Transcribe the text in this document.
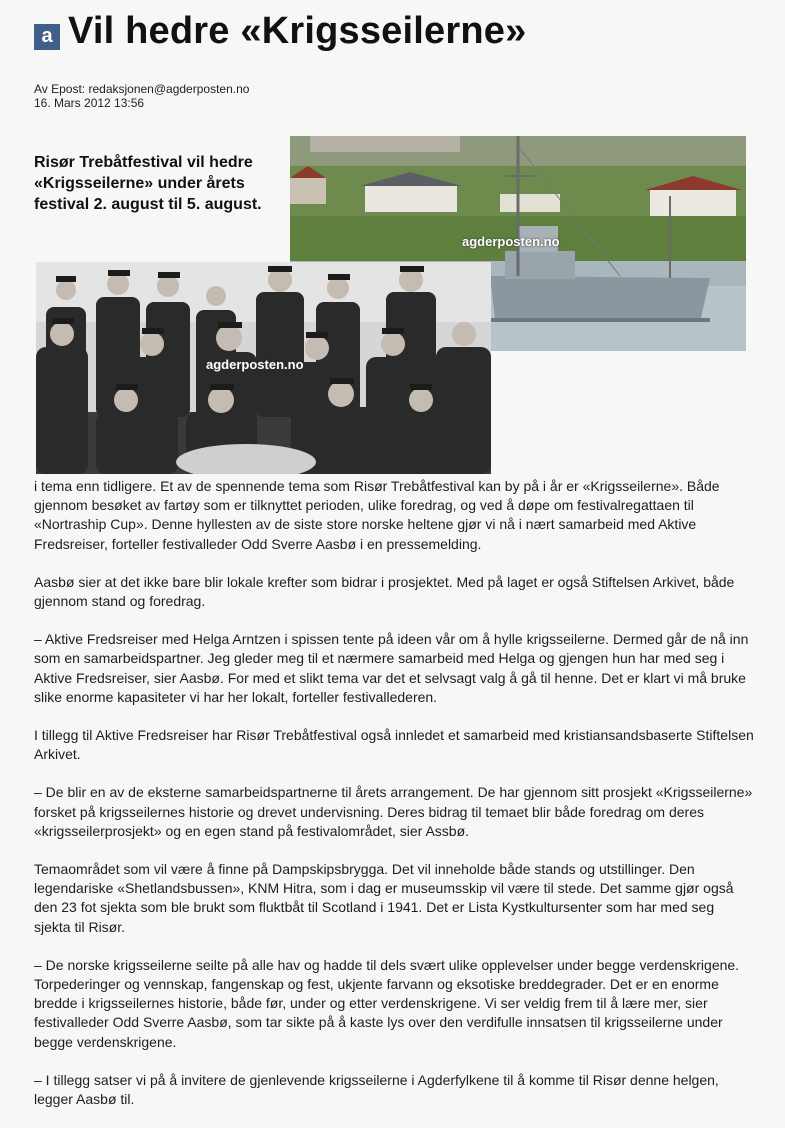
a Vil hedre «Krigsseilerne»
Av Epost: redaksjonen@agderposten.no
16. Mars 2012 13:56

Risør Trebåtfestival vil hedre «Krigsseilerne» under årets festival 2. august til 5. august.

agderposten.no
agderposten.no

i tema enn tidligere. Et av de spennende tema som Risør Trebåtfestival kan by på i år er «Krigsseilerne». Både gjennom besøket av fartøy som er tilknyttet perioden, ulike foredrag, og ved å døpe om festivalregattaen til «Nortraship Cup». Denne hyllesten av de siste store norske heltene gjør vi nå i nært samarbeid med Aktive Fredsreiser, forteller festivalleder Odd Sverre Aasbø i en pressemelding.

Aasbø sier at det ikke bare blir lokale krefter som bidrar i prosjektet. Med på laget er også Stiftelsen Arkivet, både gjennom stand og foredrag.

– Aktive Fredsreiser med Helga Arntzen i spissen tente på ideen vår om å hylle krigsseilerne. Dermed går de nå inn som en samarbeidspartner. Jeg gleder meg til et nærmere samarbeid med Helga og gjengen hun har med seg i Aktive Fredsreiser, sier Aasbø. For med et slikt tema var det et selvsagt valg å gå til henne. Det er klart vi må bruke slike enorme kapasiteter vi har her lokalt, forteller festivallederen.

I tillegg til Aktive Fredsreiser har Risør Trebåtfestival også innledet et samarbeid med kristiansandsbaserte Stiftelsen Arkivet.

– De blir en av de eksterne samarbeidspartnerne til årets arrangement. De har gjennom sitt prosjekt «Krigsseilerne» forsket på krigsseilernes historie og drevet undervisning. Deres bidrag til temaet blir både foredrag om deres «krigsseilerprosjekt» og en egen stand på festivalområdet, sier Assbø.

Temaområdet som vil være å finne på Dampskipsbrygga. Det vil inneholde både stands og utstillinger. Den legendariske «Shetlandsbussen», KNM Hitra, som i dag er museumsskip vil være til stede. Det samme gjør også den 23 fot sjekta som ble brukt som fluktbåt til Scotland i 1941. Det er Lista Kystkultursenter som har med seg sjekta til Risør.

– De norske krigsseilerne seilte på alle hav og hadde til dels svært ulike opplevelser under begge verdenskrigene. Torpederinger og vennskap, fangenskap og fest, ukjente farvann og eksotiske breddegrader. Det er en enorme bredde i krigsseilernes historie, både før, under og etter verdenskrigene. Vi ser veldig frem til å lære mer, sier festivalleder Odd Sverre Aasbø, som tar sikte på å kaste lys over den verdifulle innsatsen til krigsseilerne under begge verdenskrigene.

– I tillegg satser vi på å invitere de gjenlevende krigsseilerne i Agderfylkene til å komme til Risør denne helgen, legger Aasbø til.
